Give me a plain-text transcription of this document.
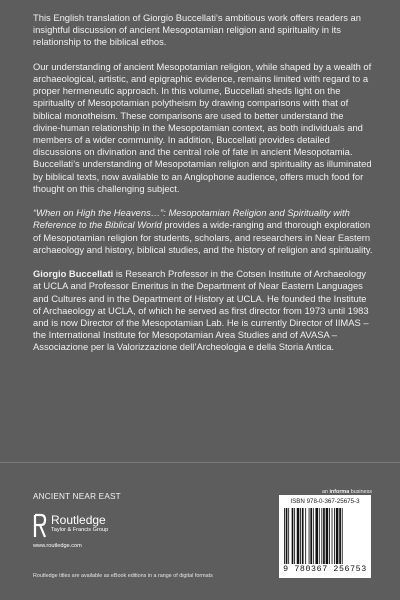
This English translation of Giorgio Buccellati’s ambitious work offers readers an insightful discussion of ancient Mesopotamian religion and spirituality in its relationship to the biblical ethos.

Our understanding of ancient Mesopotamian religion, while shaped by a wealth of archaeological, artistic, and epigraphic evidence, remains limited with regard to a proper hermeneutic approach. In this volume, Buccellati sheds light on the spirituality of Mesopotamian polytheism by drawing comparisons with that of biblical monotheism. These comparisons are used to better understand the divine-human relationship in the Mesopotamian context, as both individuals and members of a wider community. In addition, Buccellati provides detailed discussions on divination and the central role of fate in ancient Mesopotamia. Buccellati’s understanding of Mesopotamian religion and spirituality as illuminated by biblical texts, now available to an Anglophone audience, offers much food for thought on this challenging subject.

“When on High the Heavens…”: Mesopotamian Religion and Spirituality with Reference to the Biblical World provides a wide-ranging and thorough exploration of Mesopotamian religion for students, scholars, and researchers in Near Eastern archaeology and history, biblical studies, and the history of religion and spirituality.

Giorgio Buccellati is Research Professor in the Cotsen Institute of Archaeology at UCLA and Professor Emeritus in the Department of Near Eastern Languages and Cultures and in the Department of History at UCLA. He founded the Institute of Archaeology at UCLA, of which he served as first director from 1973 until 1983 and is now Director of the Mesopotamian Lab. He is currently Director of IIMAS – the International Institute for Mesopotamian Area Studies and of AVASA – Associazione per la Valorizzazione dell’Archeologia e della Storia Antica.

ANCIENT NEAR EAST
Routledge
Taylor & Francis Group
www.routledge.com
Routledge titles are available as eBook editions in a range of digital formats
an informa business
ISBN 978-0-367-25675-3
9 780367 256753
